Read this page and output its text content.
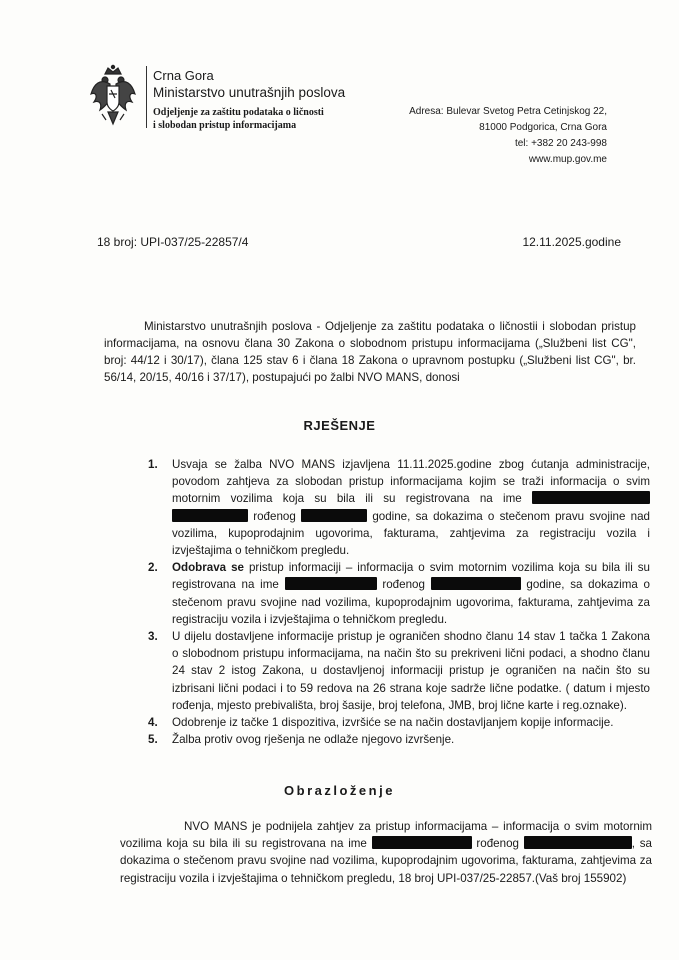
Crna Gora
Ministarstvo unutrašnjih poslova
Odjeljenje za zaštitu podataka o ličnosti
i slobodan pristup informacijama
Adresa: Bulevar Svetog Petra Cetinjskog 22,
81000 Podgorica, Crna Gora
tel: +382 20 243-998
www.mup.gov.me
18 broj: UPI-037/25-22857/4	12.11.2025.godine
Ministarstvo unutrašnjih poslova - Odjeljenje za zaštitu podataka o ličnostii i slobodan pristup informacijama, na osnovu člana 30 Zakona o slobodnom pristupu informacijama („Službeni list CG", broj: 44/12 i 30/17), člana 125 stav 6 i člana 18 Zakona o upravnom postupku („Službeni list CG", br. 56/14, 20/15, 40/16 i 37/17), postupajući po žalbi NVO MANS, donosi
RJEŠENJE
1. Usvaja se žalba NVO MANS izjavljena 11.11.2025.godine zbog ćutanja administracije, povodom zahtjeva za slobodan pristup informacijama kojim se traži informacija o svim motornim vozilima koja su bila ili su registrovana na ime   rođenog	godine, sa dokazima o stečenom pravu svojine nad vozilima, kupoprodajnim ugovorima, fakturama, zahtjevima za registraciju vozila i izvještajima o tehničkom pregledu.
2. Odobrava se pristup informaciji – informacija o svim motornim vozilima koja su bila ili su registrovana na ime	rođenog	godine, sa dokazima o stečenom pravu svojine nad vozilima, kupoprodajnim ugovorima, fakturama, zahtjevima za registraciju vozila i izvještajima o tehničkom pregledu.
3. U dijelu dostavljene informacije pristup je ograničen shodno članu 14 stav 1 tačka 1 Zakona o slobodnom pristupu informacijama, na način što su prekriveni lični podaci, a shodno članu 24 stav 2 istog Zakona, u dostavljenoj informaciji pristup je ograničen na način što su izbrisani lični podaci i to 59 redova na 26 strana koje sadrže lične podatke. ( datum i mjesto rođenja, mjesto prebivališta, broj šasije, broj telefona, JMB, broj lične karte i reg.oznake).
4. Odobrenje iz tačke 1 dispozitiva, izvršiće se na način dostavljanjem kopije informacije.
5. Žalba protiv ovog rješenja ne odlaže njegovo izvršenje.
Obrazloženje
NVO MANS je podnijela zahtjev za pristup informacijama – informacija o svim motornim vozilima koja su bila ili su registrovana na ime	rođenog	, sa dokazima o stečenom pravu svojine nad vozilima, kupoprodajnim ugovorima, fakturama, zahtjevima za registraciju vozila i izvještajima o tehničkom pregledu, 18 broj UPI-037/25-22857.(Vaš broj 155902)
